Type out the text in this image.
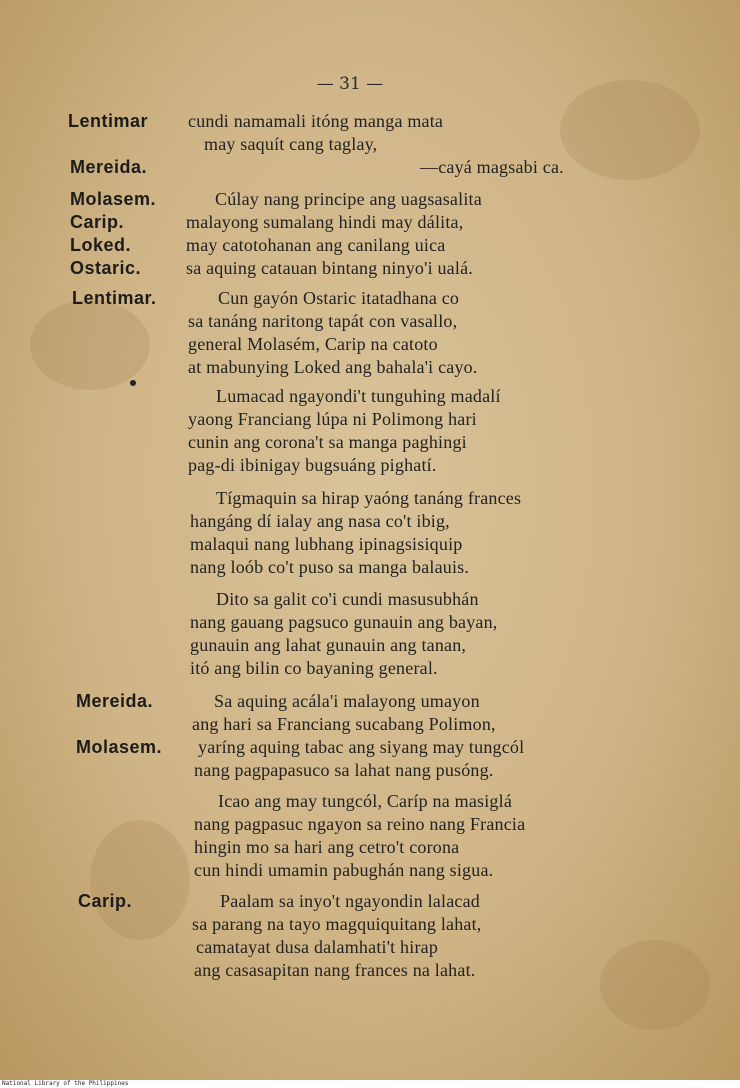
— 31 —
Lentimar
Mereida.
Molasem.
Carip.
Loked.
Ostaric.
Lentimar.
Mereida.
Molasem.
Carip.
cundi namamali itóng manga mata
may saquít cang taglay,
—cayá magsabi ca.
Cúlay nang principe ang uagsasalita
malayong sumalang hindi may dálita,
may catotohanan ang canilang uica
sa aquing catauan bintang ninyo'i ualá.
Cun gayón Ostaric itatadhana co
sa tanáng naritong tapát con vasallo,
general Molasém, Carip na catoto
at mabunying Loked ang bahala'i cayo.
Lumacad ngayondi't tunguhing madalí
yaong Franciang lúpa ni Polimong hari
cunin ang corona't sa manga paghingi
pag-di ibinigay bugsuáng pighatí.
Tígmaquin sa hirap yaóng tanáng frances
hangáng dí ialay ang nasa co't ibig,
malaqui nang lubhang ipinagsisiquip
nang loób co't puso sa manga balauis.
Dito sa galit co'i cundi masusubhán
nang gauang pagsuco gunauin ang bayan,
gunauin ang lahat gunauin ang tanan,
itó ang bilin co bayaning general.
Sa aquing acála'i malayong umayon
ang hari sa Franciang sucabang Polimon,
yaríng aquing tabac ang siyang may tungcól
nang pagpapasuco sa lahat nang pusóng.
Icao ang may tungcól, Caríp na masiglá
nang pagpasuc ngayon sa reino nang Francia
hingin mo sa hari ang cetro't corona
cun hindi umamin pabughán nang sigua.
Paalam sa inyo't ngayondin lalacad
sa parang na tayo magquiquitang lahat,
camatayat dusa dalamhati't hirap
ang casasapitan nang frances na lahat.
National Library of the Philippines
